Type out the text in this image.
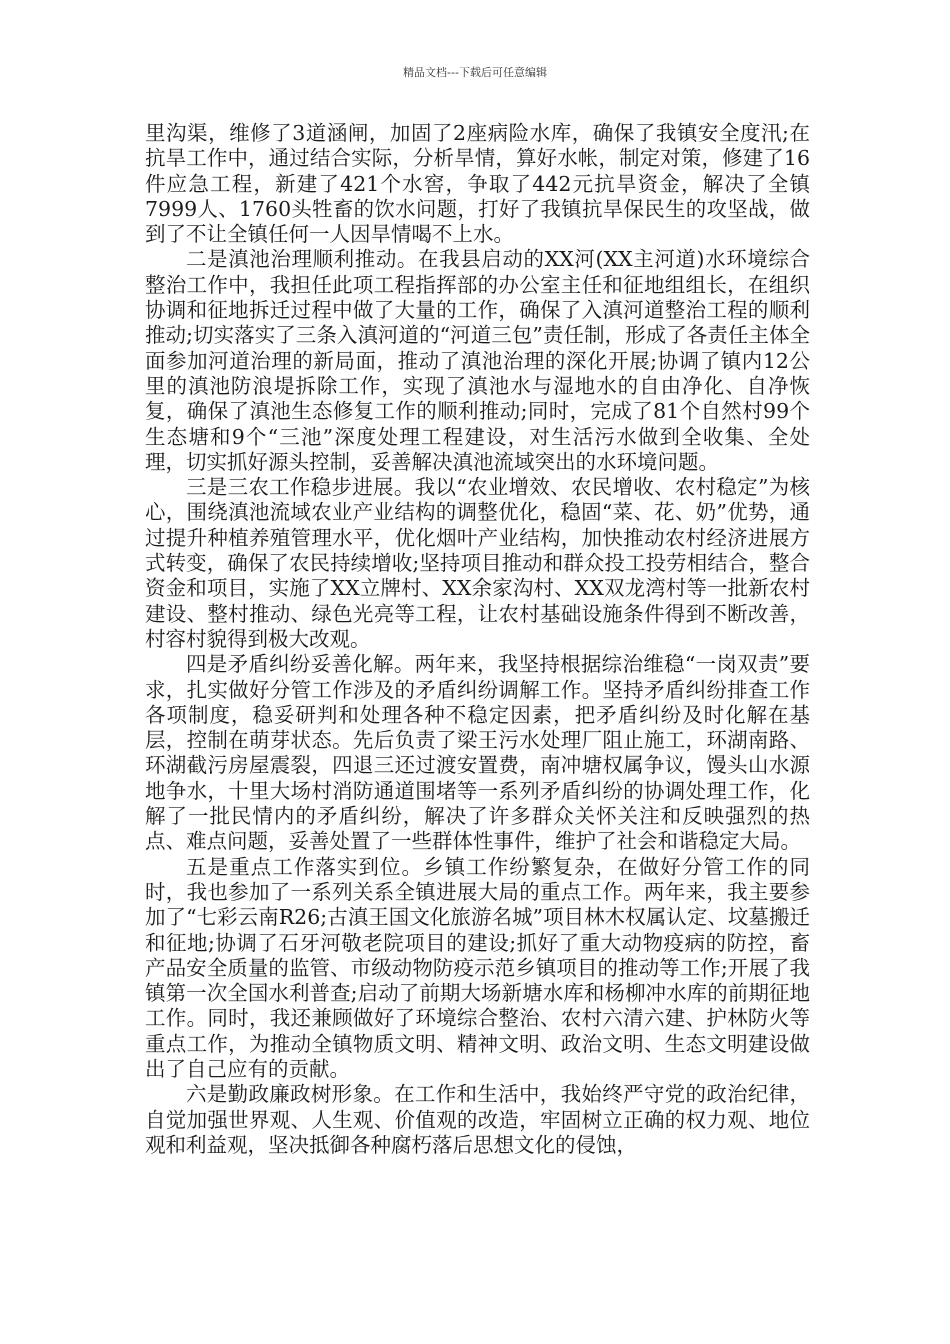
精品文档---下载后可任意编辑

里沟渠，维修了3道涵闸，加固了2座病险水库，确保了我镇安全度汛;在抗旱工作中，通过结合实际，分析旱情，算好水帐，制定对策，修建了16件应急工程，新建了421个水窖，争取了442元抗旱资金，解决了全镇7999人、1760头牲畜的饮水问题，打好了我镇抗旱保民生的攻坚战，做到了不让全镇任何一人因旱情喝不上水。

二是滇池治理顺利推动。在我县启动的XX河(XX主河道)水环境综合整治工作中，我担任此项工程指挥部的办公室主任和征地组组长，在组织协调和征地拆迁过程中做了大量的工作，确保了入滇河道整治工程的顺利推动;切实落实了三条入滇河道的“河道三包”责任制，形成了各责任主体全面参加河道治理的新局面，推动了滇池治理的深化开展;协调了镇内12公里的滇池防浪堤拆除工作，实现了滇池水与湿地水的自由净化、自净恢复，确保了滇池生态修复工作的顺利推动;同时，完成了81个自然村99个生态塘和9个“三池”深度处理工程建设，对生活污水做到全收集、全处理，切实抓好源头控制，妥善解决滇池流域突出的水环境问题。

三是三农工作稳步进展。我以“农业增效、农民增收、农村稳定”为核心，围绕滇池流域农业产业结构的调整优化，稳固“菜、花、奶”优势，通过提升种植养殖管理水平，优化烟叶产业结构，加快推动农村经济进展方式转变，确保了农民持续增收;坚持项目推动和群众投工投劳相结合，整合资金和项目，实施了XX立牌村、XX余家沟村、XX双龙湾村等一批新农村建设、整村推动、绿色光亮等工程，让农村基础设施条件得到不断改善，村容村貌得到极大改观。

四是矛盾纠纷妥善化解。两年来，我坚持根据综治维稳“一岗双责”要求，扎实做好分管工作涉及的矛盾纠纷调解工作。坚持矛盾纠纷排查工作各项制度，稳妥研判和处理各种不稳定因素，把矛盾纠纷及时化解在基层，控制在萌芽状态。先后负责了梁王污水处理厂阻止施工，环湖南路、环湖截污房屋震裂，四退三还过渡安置费，南冲塘权属争议，馒头山水源地争水，十里大场村消防通道围堵等一系列矛盾纠纷的协调处理工作，化解了一批民情内的矛盾纠纷，解决了许多群众关怀关注和反映强烈的热点、难点问题，妥善处置了一些群体性事件，维护了社会和谐稳定大局。

五是重点工作落实到位。乡镇工作纷繁复杂，在做好分管工作的同时，我也参加了一系列关系全镇进展大局的重点工作。两年来，我主要参加了“七彩云南R26;古滇王国文化旅游名城”项目林木权属认定、坟墓搬迁和征地;协调了石牙河敬老院项目的建设;抓好了重大动物疫病的防控，畜产品安全质量的监管、市级动物防疫示范乡镇项目的推动等工作;开展了我镇第一次全国水利普查;启动了前期大场新塘水库和杨柳冲水库的前期征地工作。同时，我还兼顾做好了环境综合整治、农村六清六建、护林防火等重点工作，为推动全镇物质文明、精神文明、政治文明、生态文明建设做出了自己应有的贡献。

六是勤政廉政树形象。在工作和生活中，我始终严守党的政治纪律，自觉加强世界观、人生观、价值观的改造，牢固树立正确的权力观、地位观和利益观，坚决抵御各种腐朽落后思想文化的侵蚀，
